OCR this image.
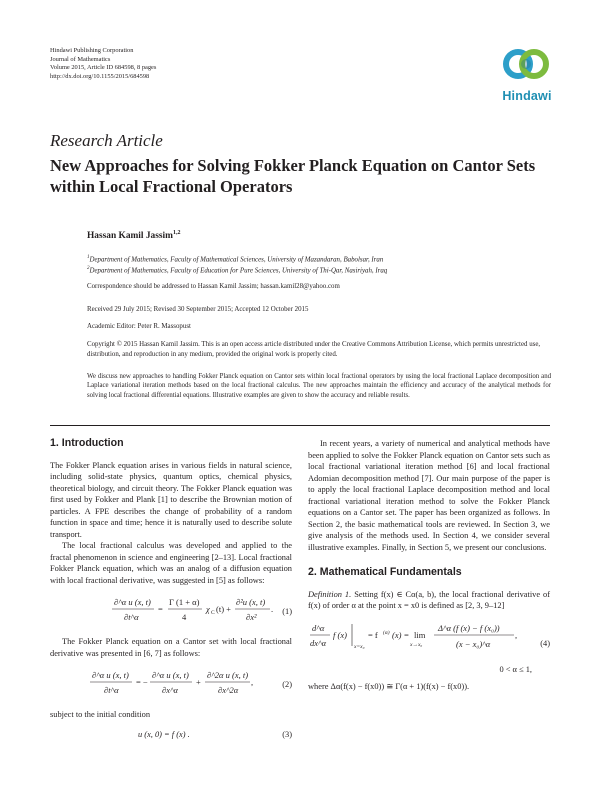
Hindawi Publishing Corporation
Journal of Mathematics
Volume 2015, Article ID 684598, 8 pages
http://dx.doi.org/10.1155/2015/684598
Hindawi
Research Article
New Approaches for Solving Fokker Planck Equation on Cantor Sets within Local Fractional Operators
Hassan Kamil Jassim$^{1,2}$
$^1$Department of Mathematics, Faculty of Mathematical Sciences, University of Mazandaran, Babolsar, Iran
$^2$Department of Mathematics, Faculty of Education for Pure Sciences, University of Thi-Qar, Nasiriyah, Iraq
Correspondence should be addressed to Hassan Kamil Jassim; hassan.kamil28@yahoo.com
Received 29 July 2015; Revised 30 September 2015; Accepted 12 October 2015
Academic Editor: Peter R. Massopust
Copyright © 2015 Hassan Kamil Jassim. This is an open access article distributed under the Creative Commons Attribution License, which permits unrestricted use, distribution, and reproduction in any medium, provided the original work is properly cited.
We discuss new approaches to handling Fokker Planck equation on Cantor sets within local fractional operators by using the local fractional Laplace decomposition and Laplace variational iteration methods based on the local fractional calculus. The new approaches maintain the efficiency and accuracy of the analytical methods for solving local fractional differential equations. Illustrative examples are given to show the accuracy and reliable results.
1. Introduction

The Fokker Planck equation arises in various fields in natural science, including solid-state physics, quantum optics, chemical physics, theoretical biology, and circuit theory. The Fokker Planck equation was first used by Fokker and Plank [1] to describe the Brownian motion of particles. A FPE describes the change of probability of a random function in space and time; hence it is naturally used to describe solute transport.

The local fractional calculus was developed and applied to the fractal phenomenon in science and engineering [2–13]. Local fractional Fokker Planck equation, which was an analog of a diffusion equation with local fractional derivative, was suggested in [5] as follows:

∂^α u (x, t)
∂t^α
=
Γ (1 + α)
4
χ C (t) +
∂²u (x, t)
∂x²
. (1)

The Fokker Planck equation on a Cantor set with local fractional derivative was presented in [6, 7] as follows:

∂^α u (x, t)
∂t^α
= −
∂^α u (x, t)
∂x^α
+
∂^2α u (x, t)
∂x^2α
,	(2)

subject to the initial condition

u (x, 0) = f (x) .	(3)

In recent years, a variety of numerical and analytical methods have been applied to solve the Fokker Planck equation on Cantor sets such as local fractional variational iteration method [6] and local fractional Adomian decomposition method [7]. Our main purpose of the paper is to apply the local fractional Laplace decomposition method and local fractional variational iteration method to solve the Fokker Planck equations on a Cantor set. The paper has been organized as follows. In Section 2, the basic mathematical tools are reviewed. In Section 3, we give analysis of the methods used. In Section 4, we consider several illustrative examples. Finally, in Section 5, we present our conclusions.

2. Mathematical Fundamentals

Definition 1. Setting f(x) ∈ Cα(a, b), the local fractional derivative of f(x) of order α at the point x = x0 is defined as [2, 3, 9–12]

d^α
dx^α
f (x)
x=x₀
= f (α) (x) = lim
x→x₀
Δ^α (f (x) − f (x₀))
(x − x₀)^α
,
(4)

0 < α ≤ 1,

where Δα(f(x) − f(x0)) ≅ Γ(α + 1)(f(x) − f(x0)).
